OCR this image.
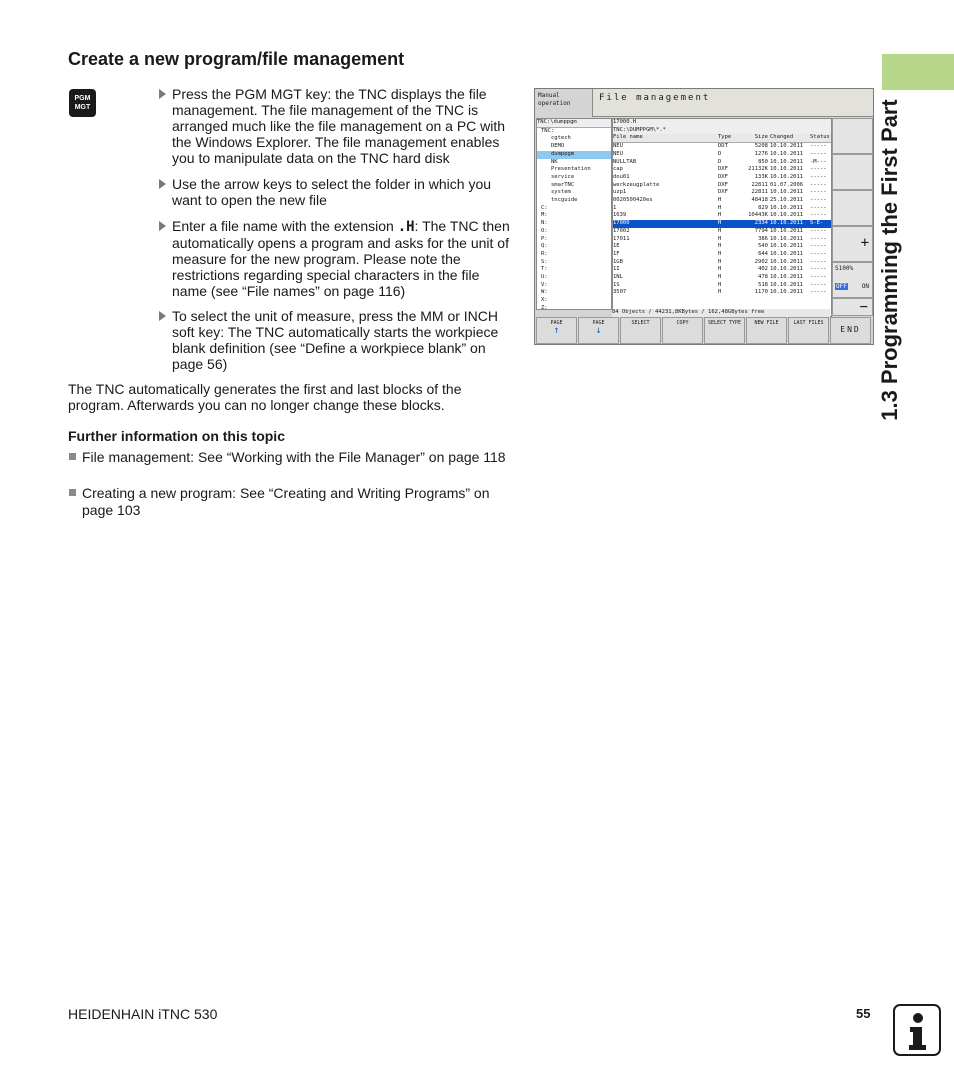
1.3 Programming the First Part
Create a new program/file management
PGM
MGT
Press the PGM MGT key: the TNC displays the file management. The file management of the TNC is arranged much like the file management on a PC with the Windows Explorer. The file management enables you to manipulate data on the TNC hard disk
Use the arrow keys to select the folder in which you want to open the new file
Enter a file name with the extension .H: The TNC then automatically opens a program and asks for the unit of measure for the new program. Please note the restrictions regarding special characters in the file name (see “File names” on page 116)
To select the unit of measure, press the MM or INCH soft key: The TNC automatically starts the workpiece blank definition (see “Define a workpiece blank” on page 56)
The TNC automatically generates the first and last blocks of the program. Afterwards you can no longer change these blocks.
Further information on this topic
File management: See “Working with the File Manager” on page 118
Creating a new program: See “Creating and Writing Programs” on page 103
Manual
operation
File management
TNC:\dumppgm
TNC:
cgtech
DEMO
dumppgm
NK
Presentation
service
smarTNC
system
tncguide
C:
M:
N:
O:
P:
Q:
R:
S:
T:
U:
V:
W:
X:
Z:
17000.H
TNC:\DUMPPGM\*.*
File name	Type	Size Changed	Status
NEU	DDT	5208 10.10.2011	-----
NEU	D	1276 10.10.2011	-----
NULLTAB	D	850 10.10.2011	-M---
cap	DXF	21132K 10.10.2011	-----
dou01	DXF	133K 10.10.2011	-----
werkzeugplatte	DXF	22811 01.07.2006	-----
uzp1	DXF	22811 10.10.2011	-----
0020500420es	H	48418 25.10.2011	-----
1	H	829 10.10.2011	-----
1639	H	10443K 10.10.2011	-----
17000	H	2334 10.10.2011	S-E-
17002	H	7794 10.10.2011	-----
17011	H	386 10.10.2011	-----
1E	H	540 10.10.2011	-----
1F	H	644 10.10.2011	-----
1GB	H	2902 10.10.2011	-----
1I	H	402 10.10.2011	-----
1NL	H	478 10.10.2011	-----
1S	H	518 10.10.2011	-----
3507	H	1170 10.10.2011	-----
84 Objects / 44231,8KBytes / 162,48GBytes free
+
S100%
OFF ON
−
PAGE
↑
PAGE
↓
SELECT	COPY	SELECT TYPE	NEW FILE	LAST FILES
END
HEIDENHAIN iTNC 530	55
